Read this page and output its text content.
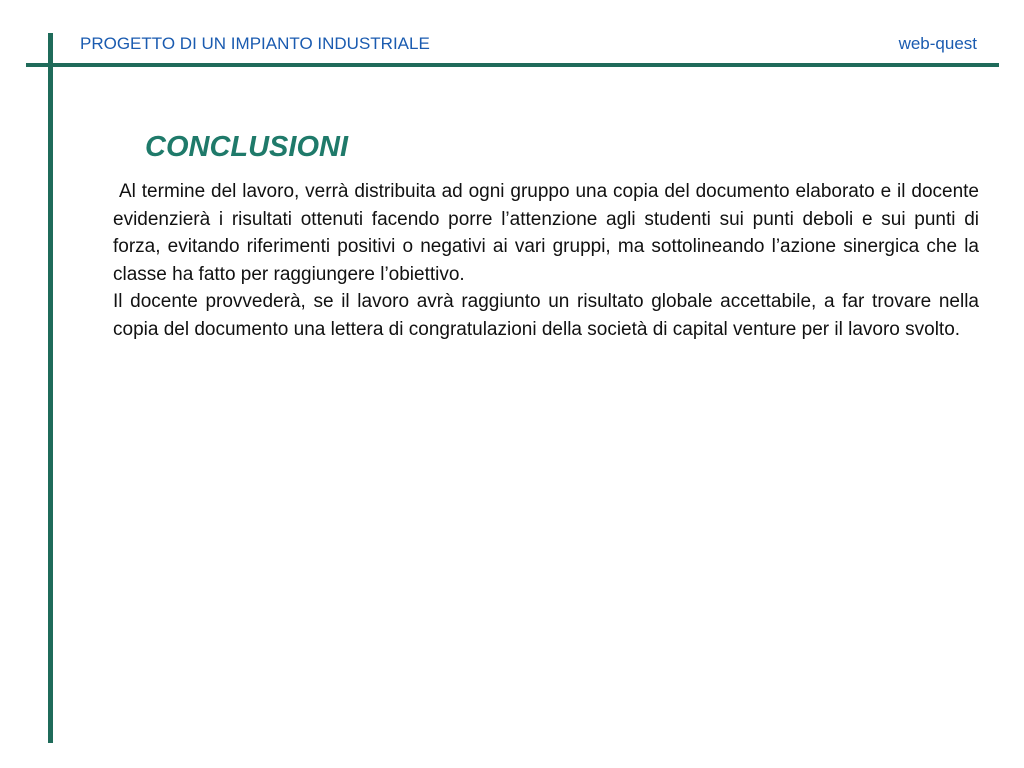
PROGETTO DI UN IMPIANTO INDUSTRIALE	web-quest
CONCLUSIONI

Al termine del lavoro, verrà distribuita ad ogni gruppo una copia del documento elaborato e il docente evidenzierà i risultati ottenuti facendo porre l’attenzione agli studenti sui punti deboli e sui punti di forza, evitando riferimenti positivi o negativi ai vari gruppi, ma sottolineando l’azione sinergica che la classe ha fatto per raggiungere l’obiettivo.

Il docente provvederà, se il lavoro avrà raggiunto un risultato globale accettabile, a far trovare nella copia del documento una lettera di congratulazioni della società di capital venture per il lavoro svolto.
